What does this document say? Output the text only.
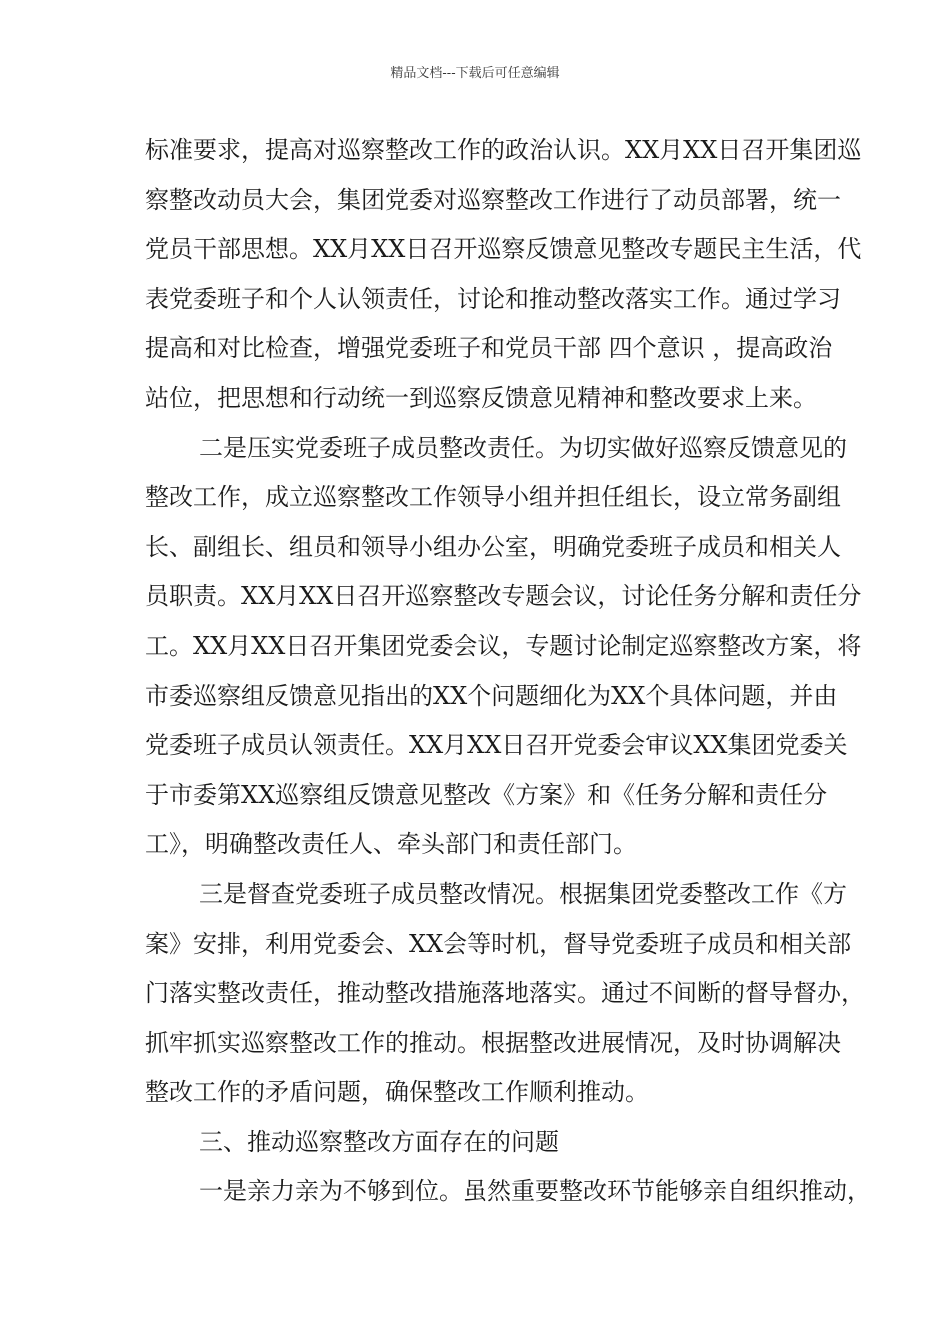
精品文档---下载后可任意编辑
标准要求，提高对巡察整改工作的政治认识。XX月XX日召开集团巡
察整改动员大会，集团党委对巡察整改工作进行了动员部署，统一
党员干部思想。XX月XX日召开巡察反馈意见整改专题民主生活，代
表党委班子和个人认领责任，讨论和推动整改落实工作。通过学习
提高和对比检查，增强党委班子和党员干部 四个意识 ，提高政治
站位，把思想和行动统一到巡察反馈意见精神和整改要求上来。
二是压实党委班子成员整改责任。为切实做好巡察反馈意见的
整改工作，成立巡察整改工作领导小组并担任组长，设立常务副组
长、副组长、组员和领导小组办公室，明确党委班子成员和相关人
员职责。XX月XX日召开巡察整改专题会议，讨论任务分解和责任分
工。XX月XX日召开集团党委会议，专题讨论制定巡察整改方案，将
市委巡察组反馈意见指出的XX个问题细化为XX个具体问题，并由
党委班子成员认领责任。XX月XX日召开党委会审议XX集团党委关
于市委第XX巡察组反馈意见整改《方案》和《任务分解和责任分
工》，明确整改责任人、牵头部门和责任部门。
三是督查党委班子成员整改情况。根据集团党委整改工作《方
案》安排，利用党委会、XX会等时机，督导党委班子成员和相关部
门落实整改责任，推动整改措施落地落实。通过不间断的督导督办，
抓牢抓实巡察整改工作的推动。根据整改进展情况，及时协调解决
整改工作的矛盾问题，确保整改工作顺利推动。
三、推动巡察整改方面存在的问题
一是亲力亲为不够到位。虽然重要整改环节能够亲自组织推动，
